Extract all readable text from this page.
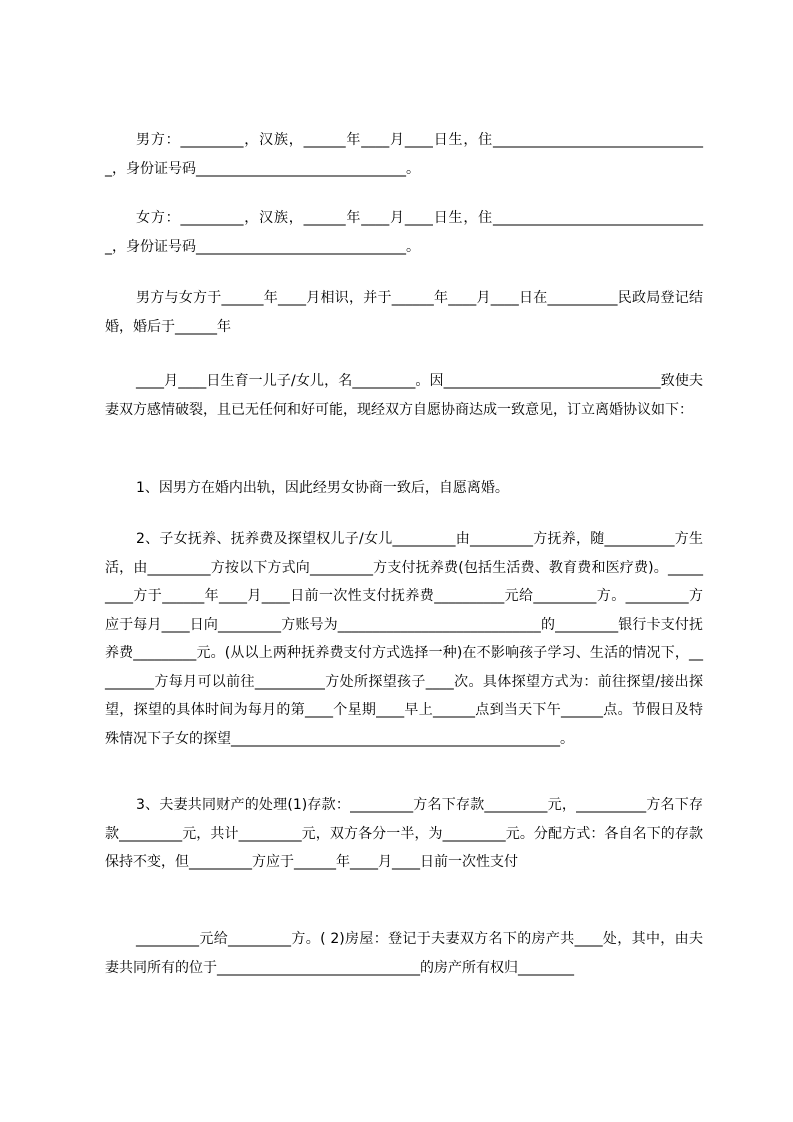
男方：_________，汉族，______年____月____日生，住_______________________________，身份证号码______________________________。

女方：_________，汉族，______年____月____日生，住_______________________________，身份证号码______________________________。

男方与女方于______年____月相识，并于______年____月____日在__________民政局登记结婚，婚后于______年

____月____日生育一儿子/女儿，名_________。因_______________________________致使夫妻双方感情破裂，且已无任何和好可能，现经双方自愿协商达成一致意见，订立离婚协议如下：

1、因男方在婚内出轨，因此经男女协商一致后，自愿离婚。

2、子女抚养、抚养费及探望权儿子/女儿_________由_________方抚养，随__________方生活，由_________方按以下方式向_________方支付抚养费(包括生活费、教育费和医疗费)。_________方于______年____月____日前一次性支付抚养费__________元给_________方。_________方应于每月____日向_________方账号为_____________________________的_________银行卡支付抚养费_________元。(从以上两种抚养费支付方式选择一种)在不影响孩子学习、生活的情况下，_________方每月可以前往__________方处所探望孩子____次。具体探望方式为：前往探望/接出探望，探望的具体时间为每月的第____个星期____早上______点到当天下午______点。节假日及特殊情况下子女的探望_______________________________________________。

3、夫妻共同财产的处理(1)存款：_________方名下存款_________元，__________方名下存款_________元，共计_________元，双方各分一半，为_________元。分配方式：各自名下的存款保持不变，但_________方应于______年____月____日前一次性支付

_________元给_________方。( 2)房屋：登记于夫妻双方名下的房产共____处，其中，由夫妻共同所有的位于_____________________________的房产所有权归________
